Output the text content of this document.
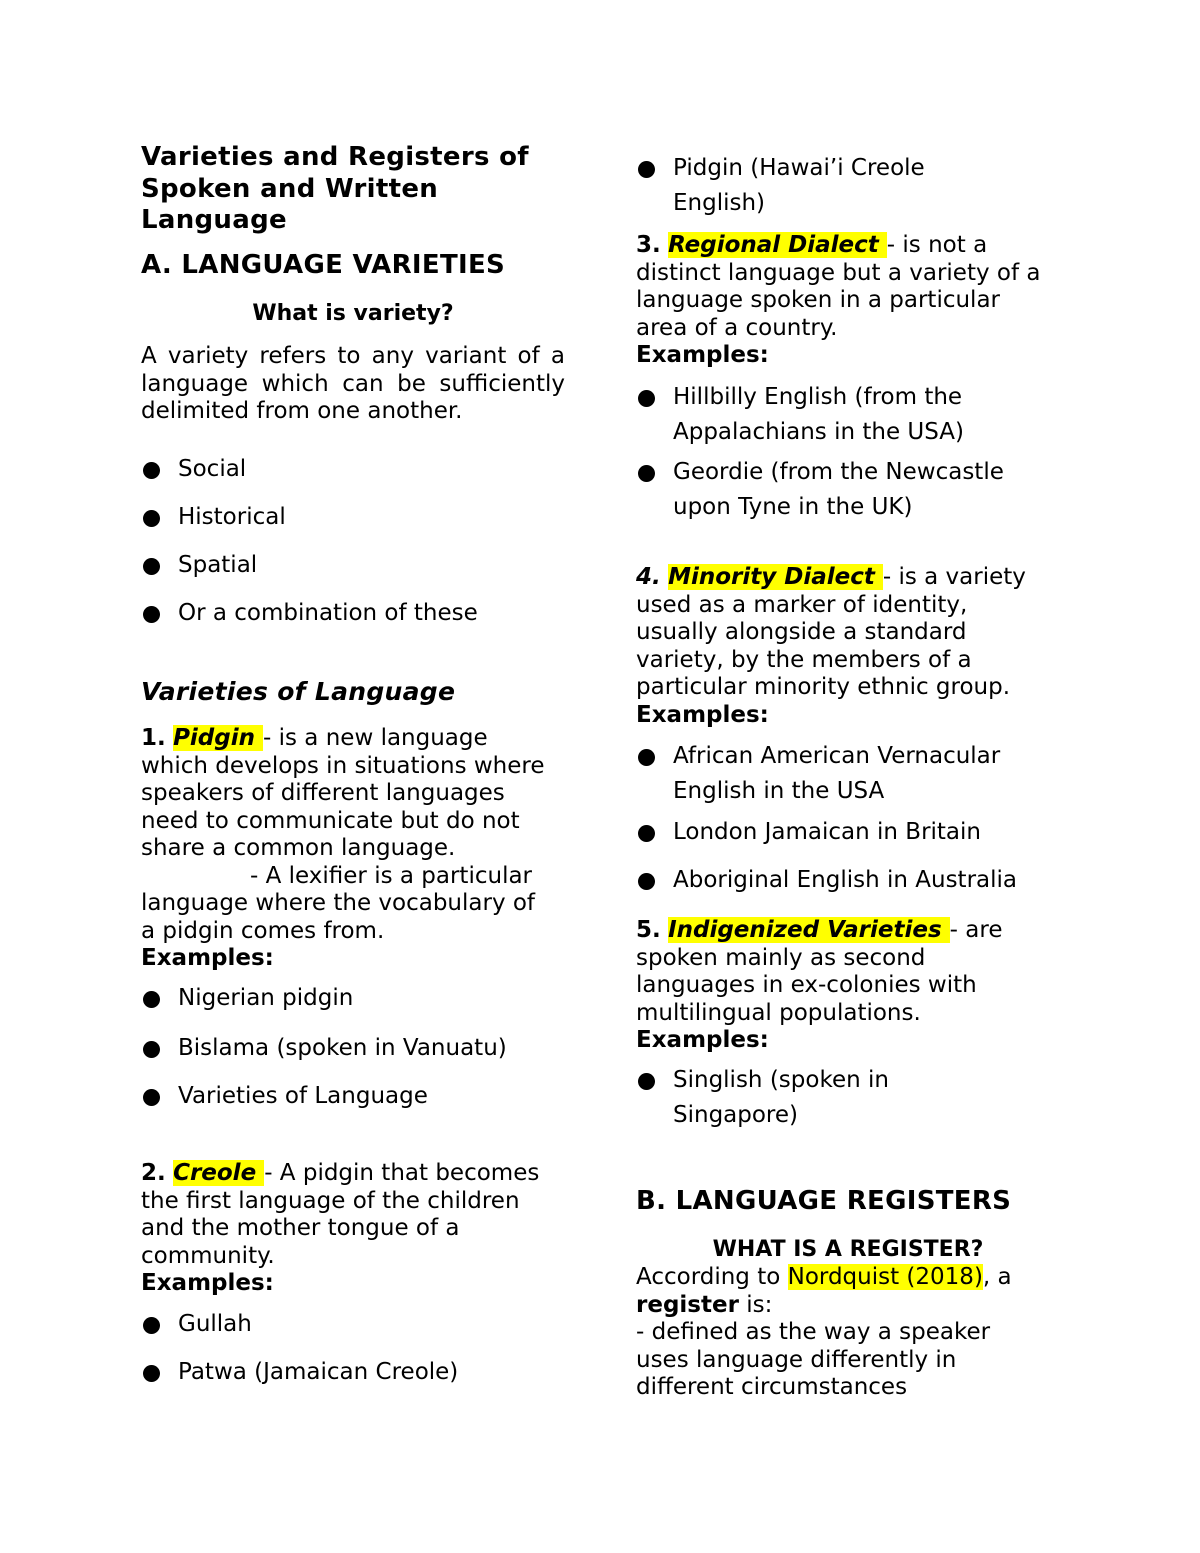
Varieties and Registers of
Spoken and Written
Language
A. LANGUAGE VARIETIES
What is variety?
A variety refers to any variant of a language which can be sufficiently delimited from one another.
Social
Historical
Spatial
Or a combination of these
Varieties of Language
1. Pidgin - is a new language
which develops in situations where
speakers of different languages
need to communicate but do not
share a common language.
- A lexifier is a particular
language where the vocabulary of
a pidgin comes from.
Examples:
Nigerian pidgin
Bislama (spoken in Vanuatu)
Varieties of Language
2. Creole - A pidgin that becomes
the first language of the children
and the mother tongue of a
community.
Examples:
Gullah
Patwa (Jamaican Creole)
Pidgin (Hawai’i Creole
English)
3. Regional Dialect - is not a
distinct language but a variety of a
language spoken in a particular
area of a country.
Examples:
Hillbilly English (from the
Appalachians in the USA)
Geordie (from the Newcastle
upon Tyne in the UK)
4. Minority Dialect - is a variety
used as a marker of identity,
usually alongside a standard
variety, by the members of a
particular minority ethnic group.
Examples:
African American Vernacular
English in the USA
London Jamaican in Britain
Aboriginal English in Australia
5. Indigenized Varieties - are
spoken mainly as second
languages in ex-colonies with
multilingual populations.
Examples:
Singlish (spoken in
Singapore)
B. LANGUAGE REGISTERS
WHAT IS A REGISTER?
According to Nordquist (2018), a
register is:
- defined as the way a speaker
uses language differently in
different circumstances
